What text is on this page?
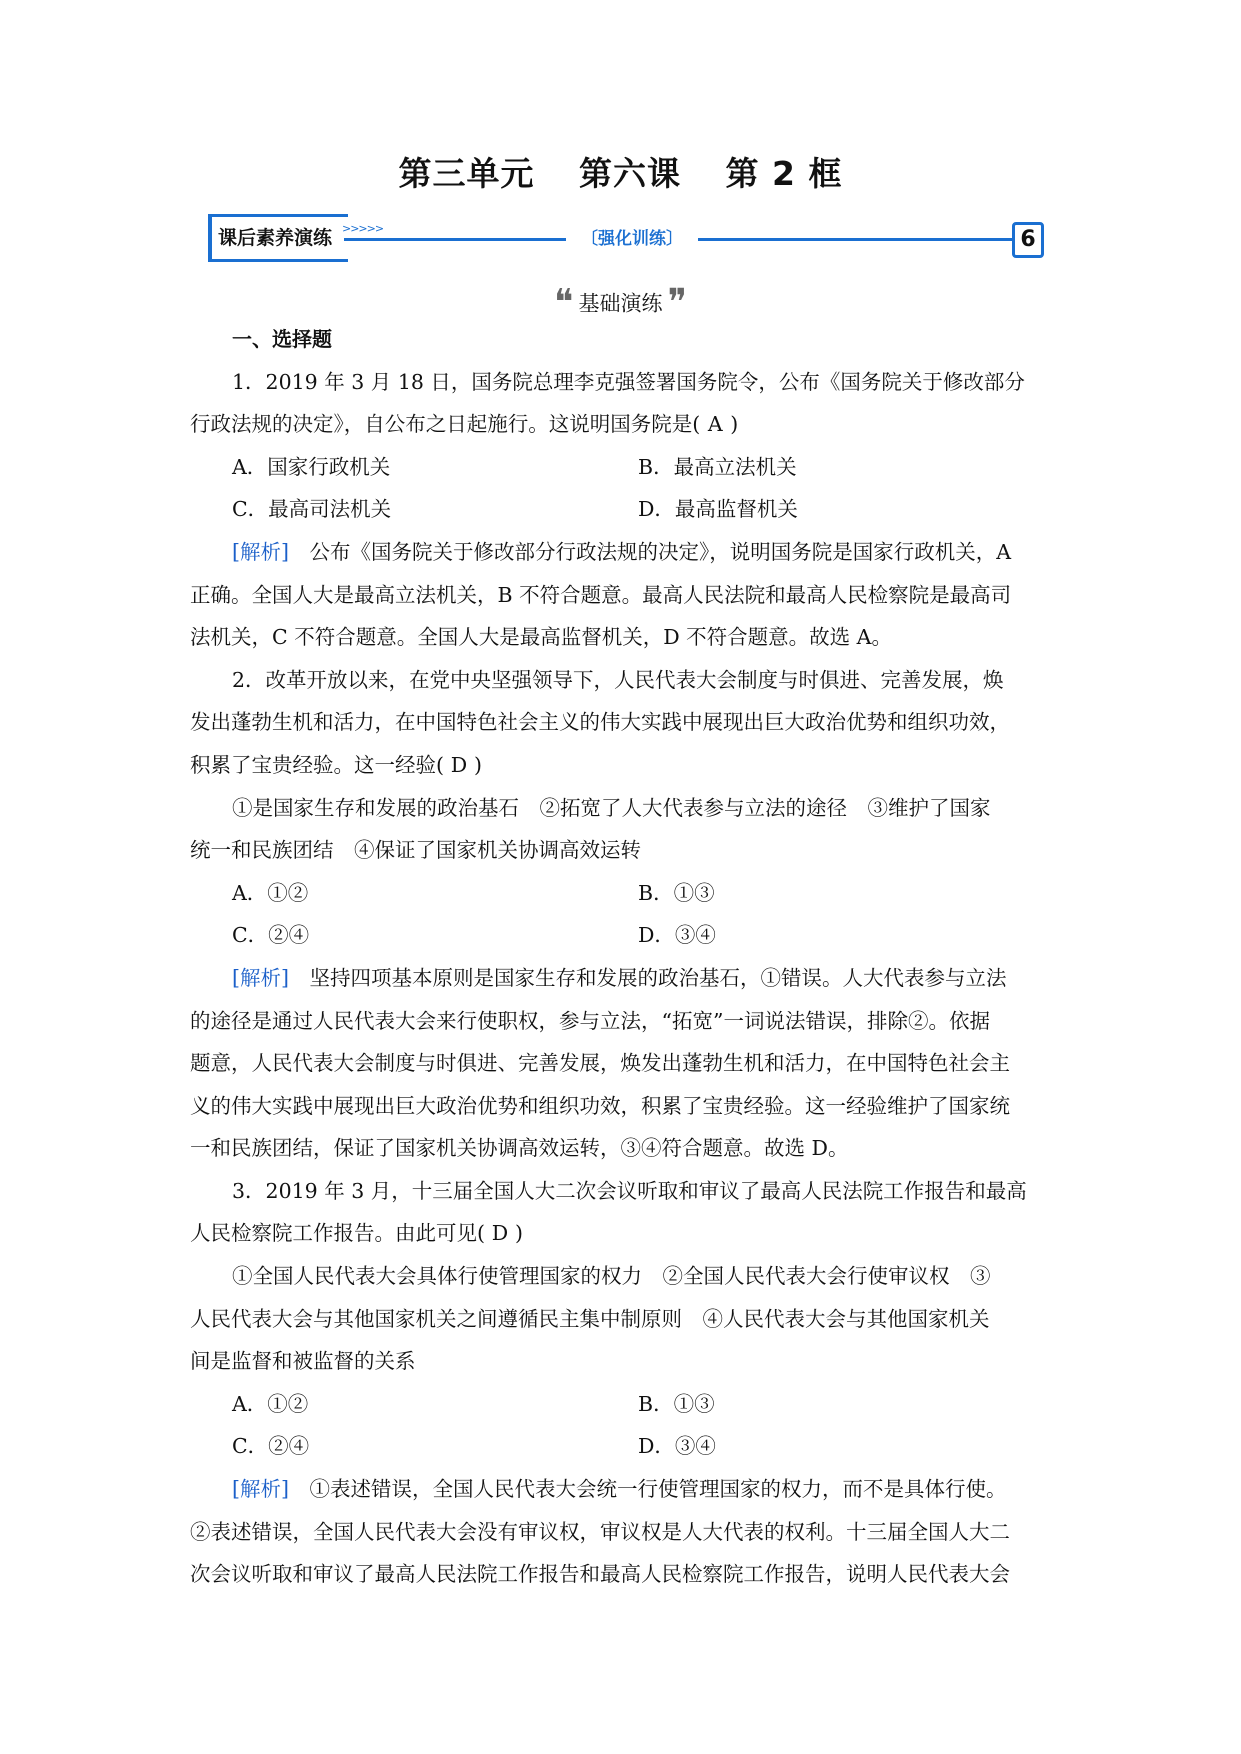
第三单元 第六课 第 2 框
课后素养演练 >>>>>
〔强化训练〕	6
❝ 基础演练 ❞
一、选择题
1．2019 年 3 月 18 日，国务院总理李克强签署国务院令，公布《国务院关于修改部分
行政法规的决定》，自公布之日起施行。这说明国务院是( A )
A．国家行政机关	B．最高立法机关
C．最高司法机关	D．最高监督机关
[解析]　 公布《国务院关于修改部分行政法规的决定》，说明国务院是国家行政机关，A
正确。全国人大是最高立法机关，B 不符合题意。最高人民法院和最高人民检察院是最高司
法机关，C 不符合题意。全国人大是最高监督机关，D 不符合题意。故选 A。
2．改革开放以来，在党中央坚强领导下，人民代表大会制度与时俱进、完善发展，焕
发出蓬勃生机和活力，在中国特色社会主义的伟大实践中展现出巨大政治优势和组织功效，
积累了宝贵经验。这一经验( D )
①是国家生存和发展的政治基石　②拓宽了人大代表参与立法的途径　③维护了国家
统一和民族团结　④保证了国家机关协调高效运转
A．①②	B．①③
C．②④	D．③④
[解析]　 坚持四项基本原则是国家生存和发展的政治基石，①错误。人大代表参与立法
的途径是通过人民代表大会来行使职权，参与立法，“拓宽”一词说法错误，排除②。依据
题意，人民代表大会制度与时俱进、完善发展，焕发出蓬勃生机和活力，在中国特色社会主
义的伟大实践中展现出巨大政治优势和组织功效，积累了宝贵经验。这一经验维护了国家统
一和民族团结，保证了国家机关协调高效运转，③④符合题意。故选 D。
3．2019 年 3 月，十三届全国人大二次会议听取和审议了最高人民法院工作报告和最高
人民检察院工作报告。由此可见( D )
①全国人民代表大会具体行使管理国家的权力　②全国人民代表大会行使审议权　③
人民代表大会与其他国家机关之间遵循民主集中制原则　④人民代表大会与其他国家机关
间是监督和被监督的关系
A．①②	B．①③
C．②④	D．③④
[解析]　 ①表述错误，全国人民代表大会统一行使管理国家的权力，而不是具体行使。
②表述错误，全国人民代表大会没有审议权，审议权是人大代表的权利。十三届全国人大二
次会议听取和审议了最高人民法院工作报告和最高人民检察院工作报告，说明人民代表大会
